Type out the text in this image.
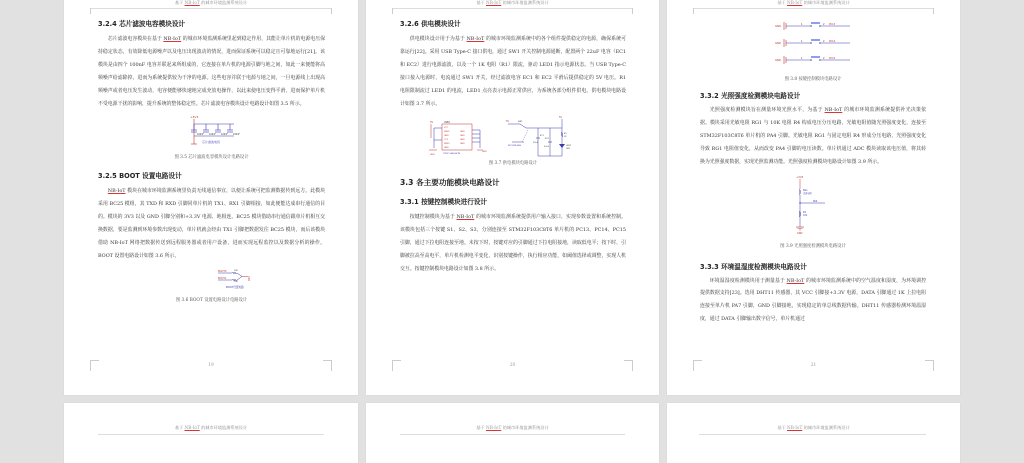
基于 NB-IoT 的城市环境监测系统设计
3.2.4 芯片滤波电容模块设计

芯片滤波电容模块在基于 NB-IoT 的城市环境监测系统里起到稳定作用，其能让单片机的电源电压保持稳定状态，有效降低电源噪声以及电压出现波动的情况，进而保证系统可以稳定且可靠地运行[21]。该模块是由四个 100nF 电容并联起来所组成的，它连接在单片机的电源引脚与地之间，如此一来便能将高频噪声给滤除掉，进而为系统提供较为干净的电源。这些电容并联于电源与地之间，一旦电源线上出现高频噪声或者电压发生波动，电容便能够快速地完成充放电操作，以此来使电压变得平滑，进而保护单片机不受电源干扰的影响，提升系统的整体稳定性。芯片滤波电容模块设计电路设计如图 3.5 所示。

+3V3
100nF	100nF	100nF	100nF
芯片滤波电容
图 3.5 芯片滤波电容模块设计电路设计
3.2.5 BOOT 设置电路设计

NB-IoT 模块在城市环境监测系统里负责无线通信事宜，以便让系统可把监测数据传到远方。此模块采用 BC25 模组，其 TXD 和 RXD 引脚同单片机的 TX1、RX1 引脚相接，如此便能达成串行通信的目的。模块的 3V3 以及 GND 引脚分别和+3.3V 电源、地相连。BC25 模块借助串行通信跟单片机相互交换数据，要是监测到环境参数出现变动，单片机就会经由 TX1 引脚把数据发往 BC25 模块，而后该模块借助 NB-IoT 网络把数据传送到远程服务器或者用户设备，进而实现远程监控以及数据分析的操作。 BOOT 设置电路设计如图 3.6 所示。

BOOT0
BOOT1
10K
10K
GND
BOOT设置电路
图 3.6 BOOT 设置电路设计电路设计
19
基于 NB-IoT 的城市环境监测系统设计
3.2.6 供电模块设计

供电模块设计用于为基于 NB-IoT 的城市环境监测系统中的各个组件提供稳定的电源，确保系统可靠运行[22]。采用 USB Type-C 接口供电，通过 SW1 开关控制电源通断，配置两个 22uF 电容（EC1 和 EC2）进行电源滤波，以及一个 1K 电阻（R1）限流，驱动 LED1 指示电源状态。当 USB Type-C 接口接入电源时，电流通过 SW1 开关，经过滤波电容 EC1 和 EC2 平滑后提供稳定的 5V 电压。R1 电阻限制流过 LED1 的电流，LED1 点亮表示电源正常供应，为系统各部分组件供电。供电模块电路设计如图 3.7 所示。

5V	USB1
VCC
VBUS
GND
CC2
VBUS
GND
GND
GND
GND
GND
TYPEC-304D-BCP6
GND
GND
5V	SW1
KFT-3RP-6XA
EC1
22uF
EC2
22uF
5V
R1
1K
LED1
LED
图 3.7 供电模块电路设计
3.3 各主要功能模块电路设计
3.3.1 按键控制模块进行设计

按键控制模块为基于 NB-IoT 的城市环境监测系统提供用户输入接口，实现参数设置和系统控制。该模块包括三个按键 S1、S2、S3，分别连接至 STM32F103C8T6 单片机的 PC13、PC14、PC15 引脚，通过下拉电阻连接至地。未按下时，按键对应的引脚通过下拉电阻接地，读取低电平；按下时，引脚被拉高至高电平，单片机检测电平变化，识别按键操作，执行相应功能，如阈值选择或调整，实现人机交互。按键控制模块电路设计如图 3.8 所示。

20
基于 NB-IoT 的城市环境监测系统设计
GND
1	2 PC13
GND
1	2 PC14
GND
1	2 PC15
图 3.8 按键控制模块电路设计
3.3.2 光照强度检测模块电路设计

光照强度检测模块旨在测量环境光照水平，为基于 NB-IoT 的城市环境监测系统提供补光决策依据。模块采用光敏电阻 RG1 与 10K 电阻 R4 构成电压分压电路，光敏电阻值随光照强度变化，连接至 STM32F103C8T6 单片机的 PA4 引脚。光敏电阻 RG1 与固定电阻 R4 形成分压电路，光照强度变化导致 RG1 电阻值变化，从而改变 PA4 引脚的电压读数。单片机通过 ADC 模块读取该电压值，将其转换为光照强度数据，实现光照监测功能。光照强度检测模块电路设计如图 3.9 所示。

+3V3
RG1
光敏电阻
PA4
R4
10K
GND
图 3.9 光照强度检测模块电路设计
3.3.3 环境温湿度检测模块电路设计

环境温湿度检测模块用于测量基于 NB-IoT 的城市环境监测系统中的空气温度和湿度，为环境调控提供数据支持[23]。选用 DHT11 传感器，其 VCC 引脚接+3.3V 电源，DATA 引脚通过 1K 上拉电阻连接至单片机 PA7 引脚，GND 引脚接地，实现稳定的单总线数据传输。DHT11 传感器检测环境温湿度，通过 DATA 引脚输出数字信号，单片机通过

21
基于 NB-IoT 的城市环境监测系统设计	基于 NB-IoT 的城市环境监测系统设计	基于 NB-IoT 的城市环境监测系统设计
